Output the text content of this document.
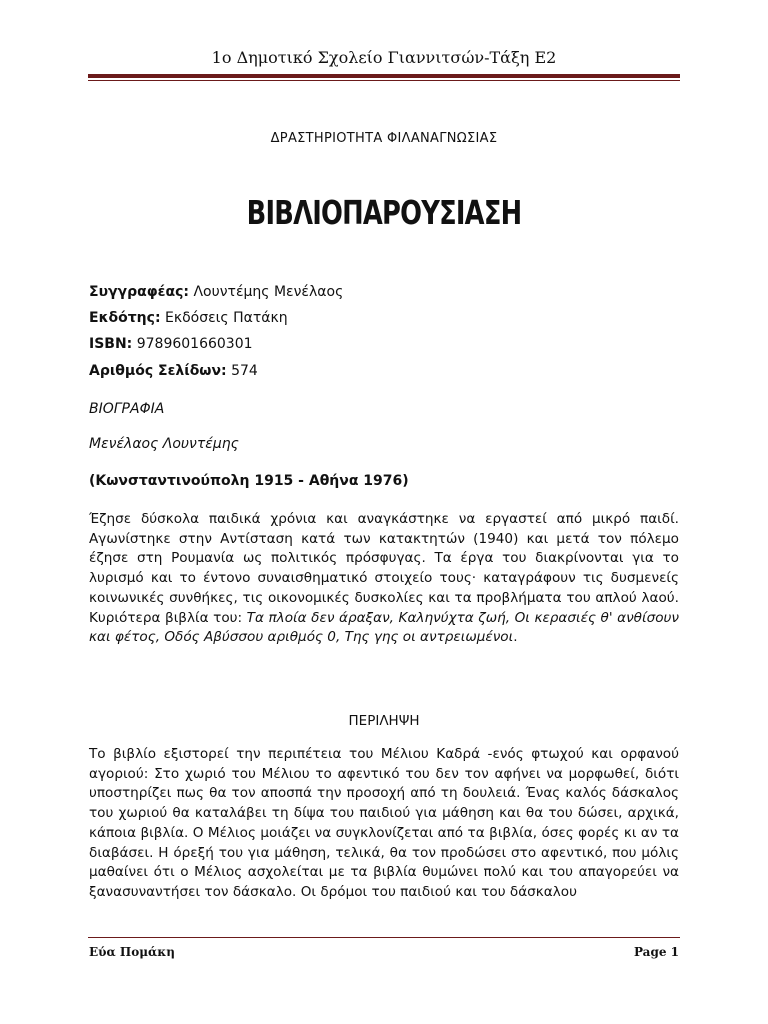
1ο Δημοτικό Σχολείο Γιαννιτσών-Τάξη Ε2
ΔΡΑΣΤΗΡΙΟΤΗΤΑ ΦΙΛΑΝΑΓΝΩΣΙΑΣ
ΒΙΒΛΙΟΠΑΡΟΥΣΙΑΣΗ
Συγγραφέας: Λουντέμης Μενέλαος
Εκδότης: Εκδόσεις Πατάκη
ISBN: 9789601660301
Αριθμός Σελίδων: 574
ΒΙΟΓΡΑΦΙΑ
Μενέλαος Λουντέμης
(Κωνσταντινούπολη 1915 - Αθήνα 1976)
Έζησε δύσκολα παιδικά χρόνια και αναγκάστηκε να εργαστεί από μικρό παιδί. Αγωνίστηκε στην Αντίσταση κατά των κατακτητών (1940) και μετά τον πόλεμο έζησε στη Ρουμανία ως πολιτικός πρόσφυγας. Τα έργα του διακρίνονται για το λυρισμό και το έντονο συναισθηματικό στοιχείο τους· καταγράφουν τις δυσμενείς κοινωνικές συνθήκες, τις οικονομικές δυσκολίες και τα προβλήματα του απλού λαού. Κυριότερα βιβλία του: Τα πλοία δεν άραξαν, Καληνύχτα ζωή, Οι κερασιές θ' ανθίσουν και φέτος, Οδός Αβύσσου αριθμός 0, Της γης οι αντρειωμένοι.
ΠΕΡΙΛΗΨΗ
Το βιβλίο εξιστορεί την περιπέτεια του Μέλιου Καδρά -ενός φτωχού και ορφανού αγοριού: Στο χωριό του Μέλιου το αφεντικό του δεν τον αφήνει να μορφωθεί, διότι υποστηρίζει πως θα τον αποσπά την προσοχή από τη δουλειά. Ένας καλός δάσκαλος του χωριού θα καταλάβει τη δίψα του παιδιού για μάθηση και θα του δώσει, αρχικά, κάποια βιβλία. Ο Μέλιος μοιάζει να συγκλονίζεται από τα βιβλία, όσες φορές κι αν τα διαβάσει. Η όρεξή του για μάθηση, τελικά, θα τον προδώσει στο αφεντικό, που μόλις μαθαίνει ότι ο Μέλιος ασχολείται με τα βιβλία θυμώνει πολύ και του απαγορεύει να ξανασυναντήσει τον δάσκαλο. Οι δρόμοι του παιδιού και του δάσκαλου
Εύα Πομάκη	Page 1
